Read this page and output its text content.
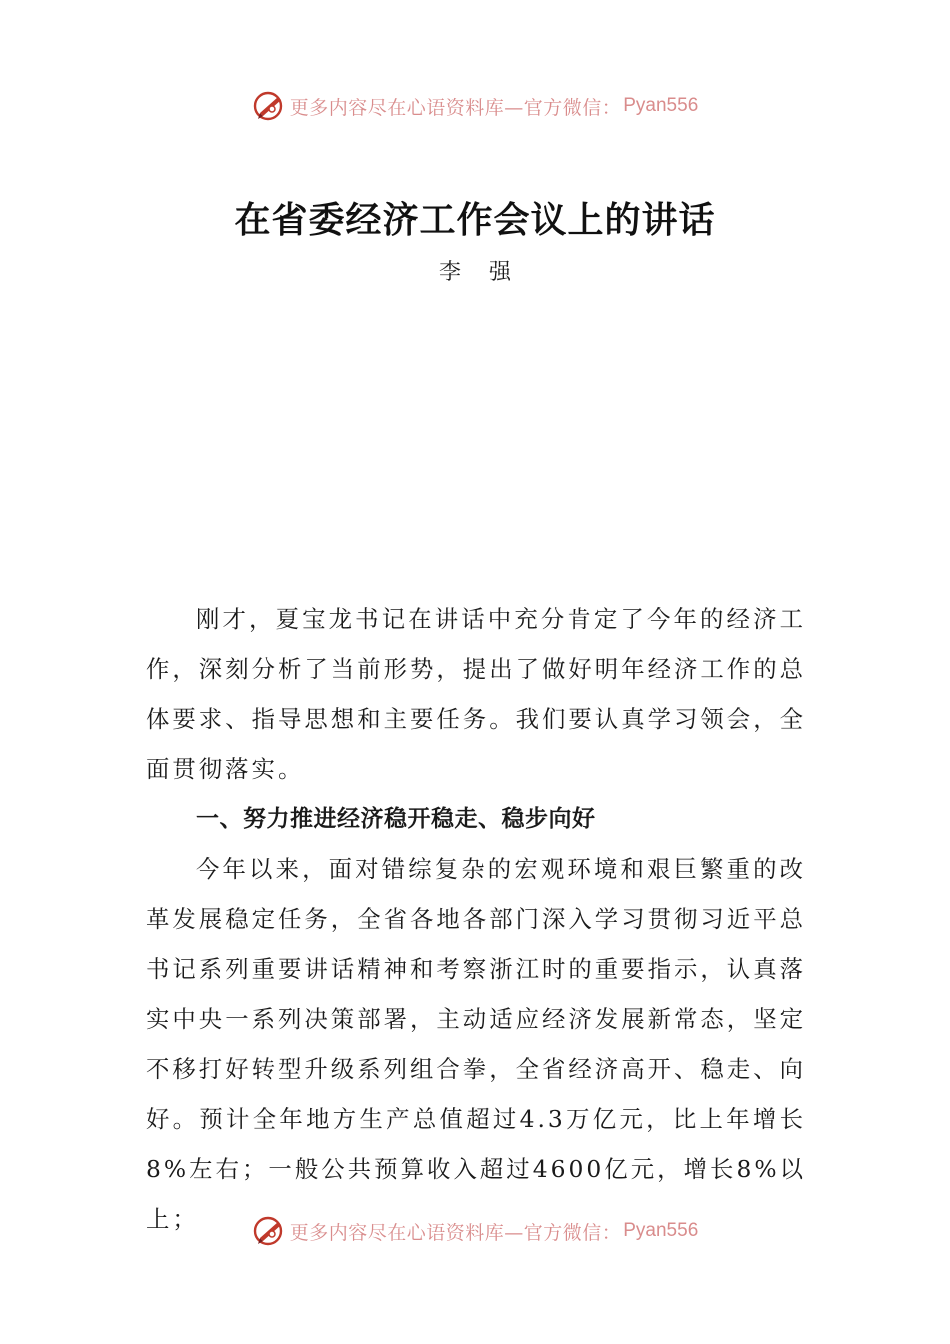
更多内容尽在心语资料库—官方微信： Pyan556
在省委经济工作会议上的讲话

李强

刚才，夏宝龙书记在讲话中充分肯定了今年的经济工作，深刻分析了当前形势，提出了做好明年经济工作的总体要求、指导思想和主要任务。我们要认真学习领会，全面贯彻落实。

一、努力推进经济稳开稳走、稳步向好

今年以来，面对错综复杂的宏观环境和艰巨繁重的改革发展稳定任务，全省各地各部门深入学习贯彻习近平总书记系列重要讲话精神和考察浙江时的重要指示，认真落实中央一系列决策部署，主动适应经济发展新常态，坚定不移打好转型升级系列组合拳，全省经济高开、稳走、向好。预计全年地方生产总值超过4.3万亿元，比上年增长8%左右；一般公共预算收入超过4600亿元，增长8%以上；	更多内容尽在心语资料库—官方微信： Pyan556
